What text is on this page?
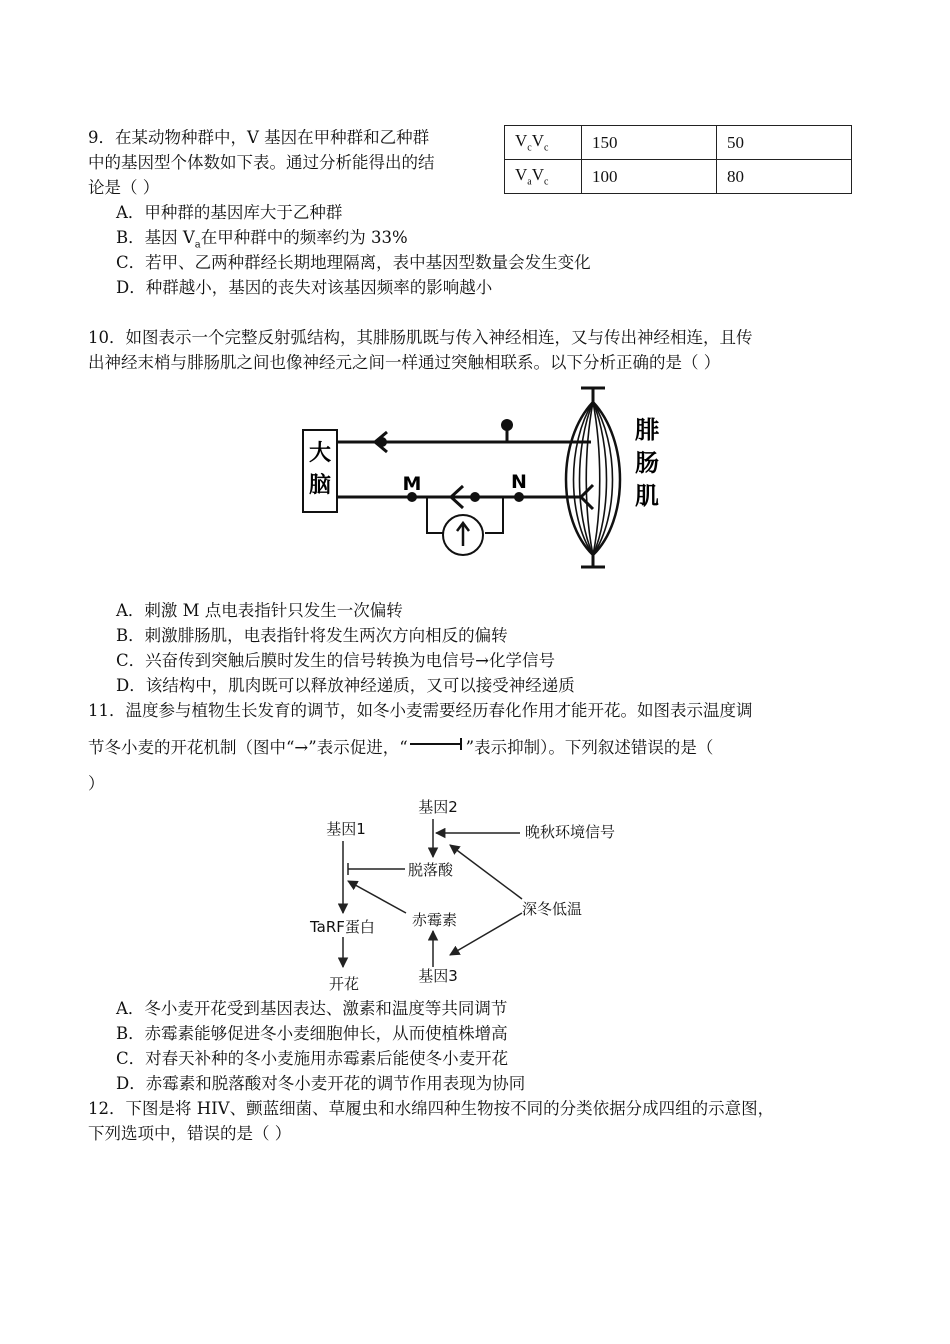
9．在某动物种群中，V 基因在甲种群和乙种群
中的基因型个体数如下表。通过分析能得出的结
论是（ ）
$V_cV_c$	150	50
$V_aV_c$	100	80
A．甲种群的基因库大于乙种群
B．基因 $V_a$在甲种群中的频率约为 33%
C．若甲、乙两种群经长期地理隔离，表中基因型数量会发生变化
D．种群越小，基因的丧失对该基因频率的影响越小
10．如图表示一个完整反射弧结构，其腓肠肌既与传入神经相连，又与传出神经相连，且传
出神经末梢与腓肠肌之间也像神经元之间一样通过突触相联系。以下分析正确的是（ ）
大
脑	M	N
腓
肠
肌
A．刺激 M 点电表指针只发生一次偏转
B．刺激腓肠肌，电表指针将发生两次方向相反的偏转
C．兴奋传到突触后膜时发生的信号转换为电信号→化学信号
D．该结构中，肌肉既可以释放神经递质，又可以接受神经递质
11．温度参与植物生长发育的调节，如冬小麦需要经历春化作用才能开花。如图表示温度调
节冬小麦的开花机制（图中“→”表示促进，“	”表示抑制）。下列叙述错误的是（
）
基因2
基因1	晚秋环境信号
脱落酸
赤霉素
深冬低温
TaRF蛋白
基因3
开花
A．冬小麦开花受到基因表达、激素和温度等共同调节
B．赤霉素能够促进冬小麦细胞伸长，从而使植株增高
C．对春天补种的冬小麦施用赤霉素后能使冬小麦开花
D．赤霉素和脱落酸对冬小麦开花的调节作用表现为协同
12．下图是将 HIV、颤蓝细菌、草履虫和水绵四种生物按不同的分类依据分成四组的示意图，
下列选项中，错误的是（ ）
